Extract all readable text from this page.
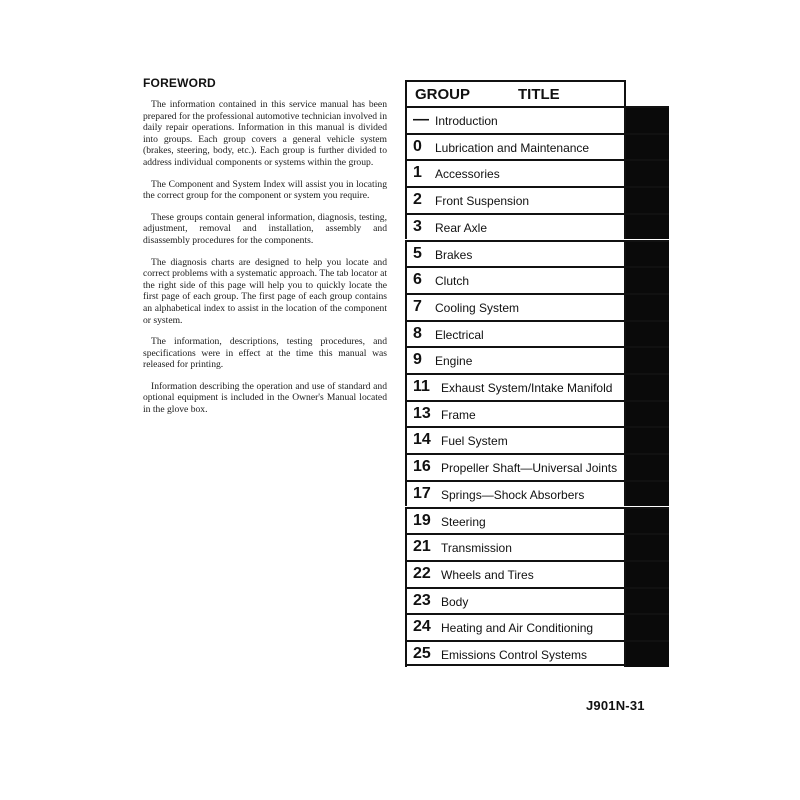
FOREWORD

The information contained in this service manual has been prepared for the professional automotive technician involved in daily repair operations. Information in this manual is divided into groups. Each group covers a general vehicle system (brakes, steering, body, etc.). Each group is further divided to address individual components or systems within the group.

The Component and System Index will assist you in locating the correct group for the component or system you require.

These groups contain general information, diagnosis, testing, adjustment, removal and installation, assembly and disassembly procedures for the components.

The diagnosis charts are designed to help you locate and correct problems with a systematic approach. The tab locator at the right side of this page will help you to quickly locate the first page of each group. The first page of each group contains an alphabetical index to assist in the location of the component or system.

The information, descriptions, testing procedures, and specifications were in effect at the time this manual was released for printing.

Information describing the operation and use of standard and optional equipment is included in the Owner's Manual located in the glove box.

GROUP	TITLE
— Introduction
0 Lubrication and Maintenance
1 Accessories
2 Front Suspension
3 Rear Axle
5 Brakes
6 Clutch
7 Cooling System
8 Electrical
9 Engine
11 Exhaust System/Intake Manifold
13 Frame
14 Fuel System
16 Propeller Shaft—Universal Joints
17 Springs—Shock Absorbers
19 Steering
21 Transmission
22 Wheels and Tires
23 Body
24 Heating and Air Conditioning
25 Emissions Control Systems
J901N-31
